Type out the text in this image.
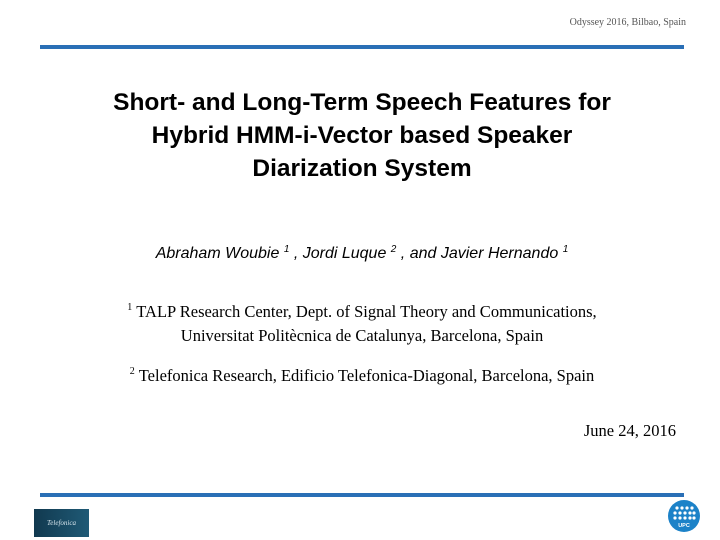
Odyssey 2016, Bilbao, Spain
Short- and Long-Term Speech Features for
Hybrid HMM-i-Vector based Speaker
Diarization System
Abraham Woubie $^1$ , Jordi Luque $^2$ , and Javier Hernando $^1$
$^1$ TALP Research Center, Dept. of Signal Theory and Communications,
Universitat Politècnica de Catalunya, Barcelona, Spain
$^2$ Telefonica Research, Edificio Telefonica-Diagonal, Barcelona, Spain
June 24, 2016
Telefonica	UPC
